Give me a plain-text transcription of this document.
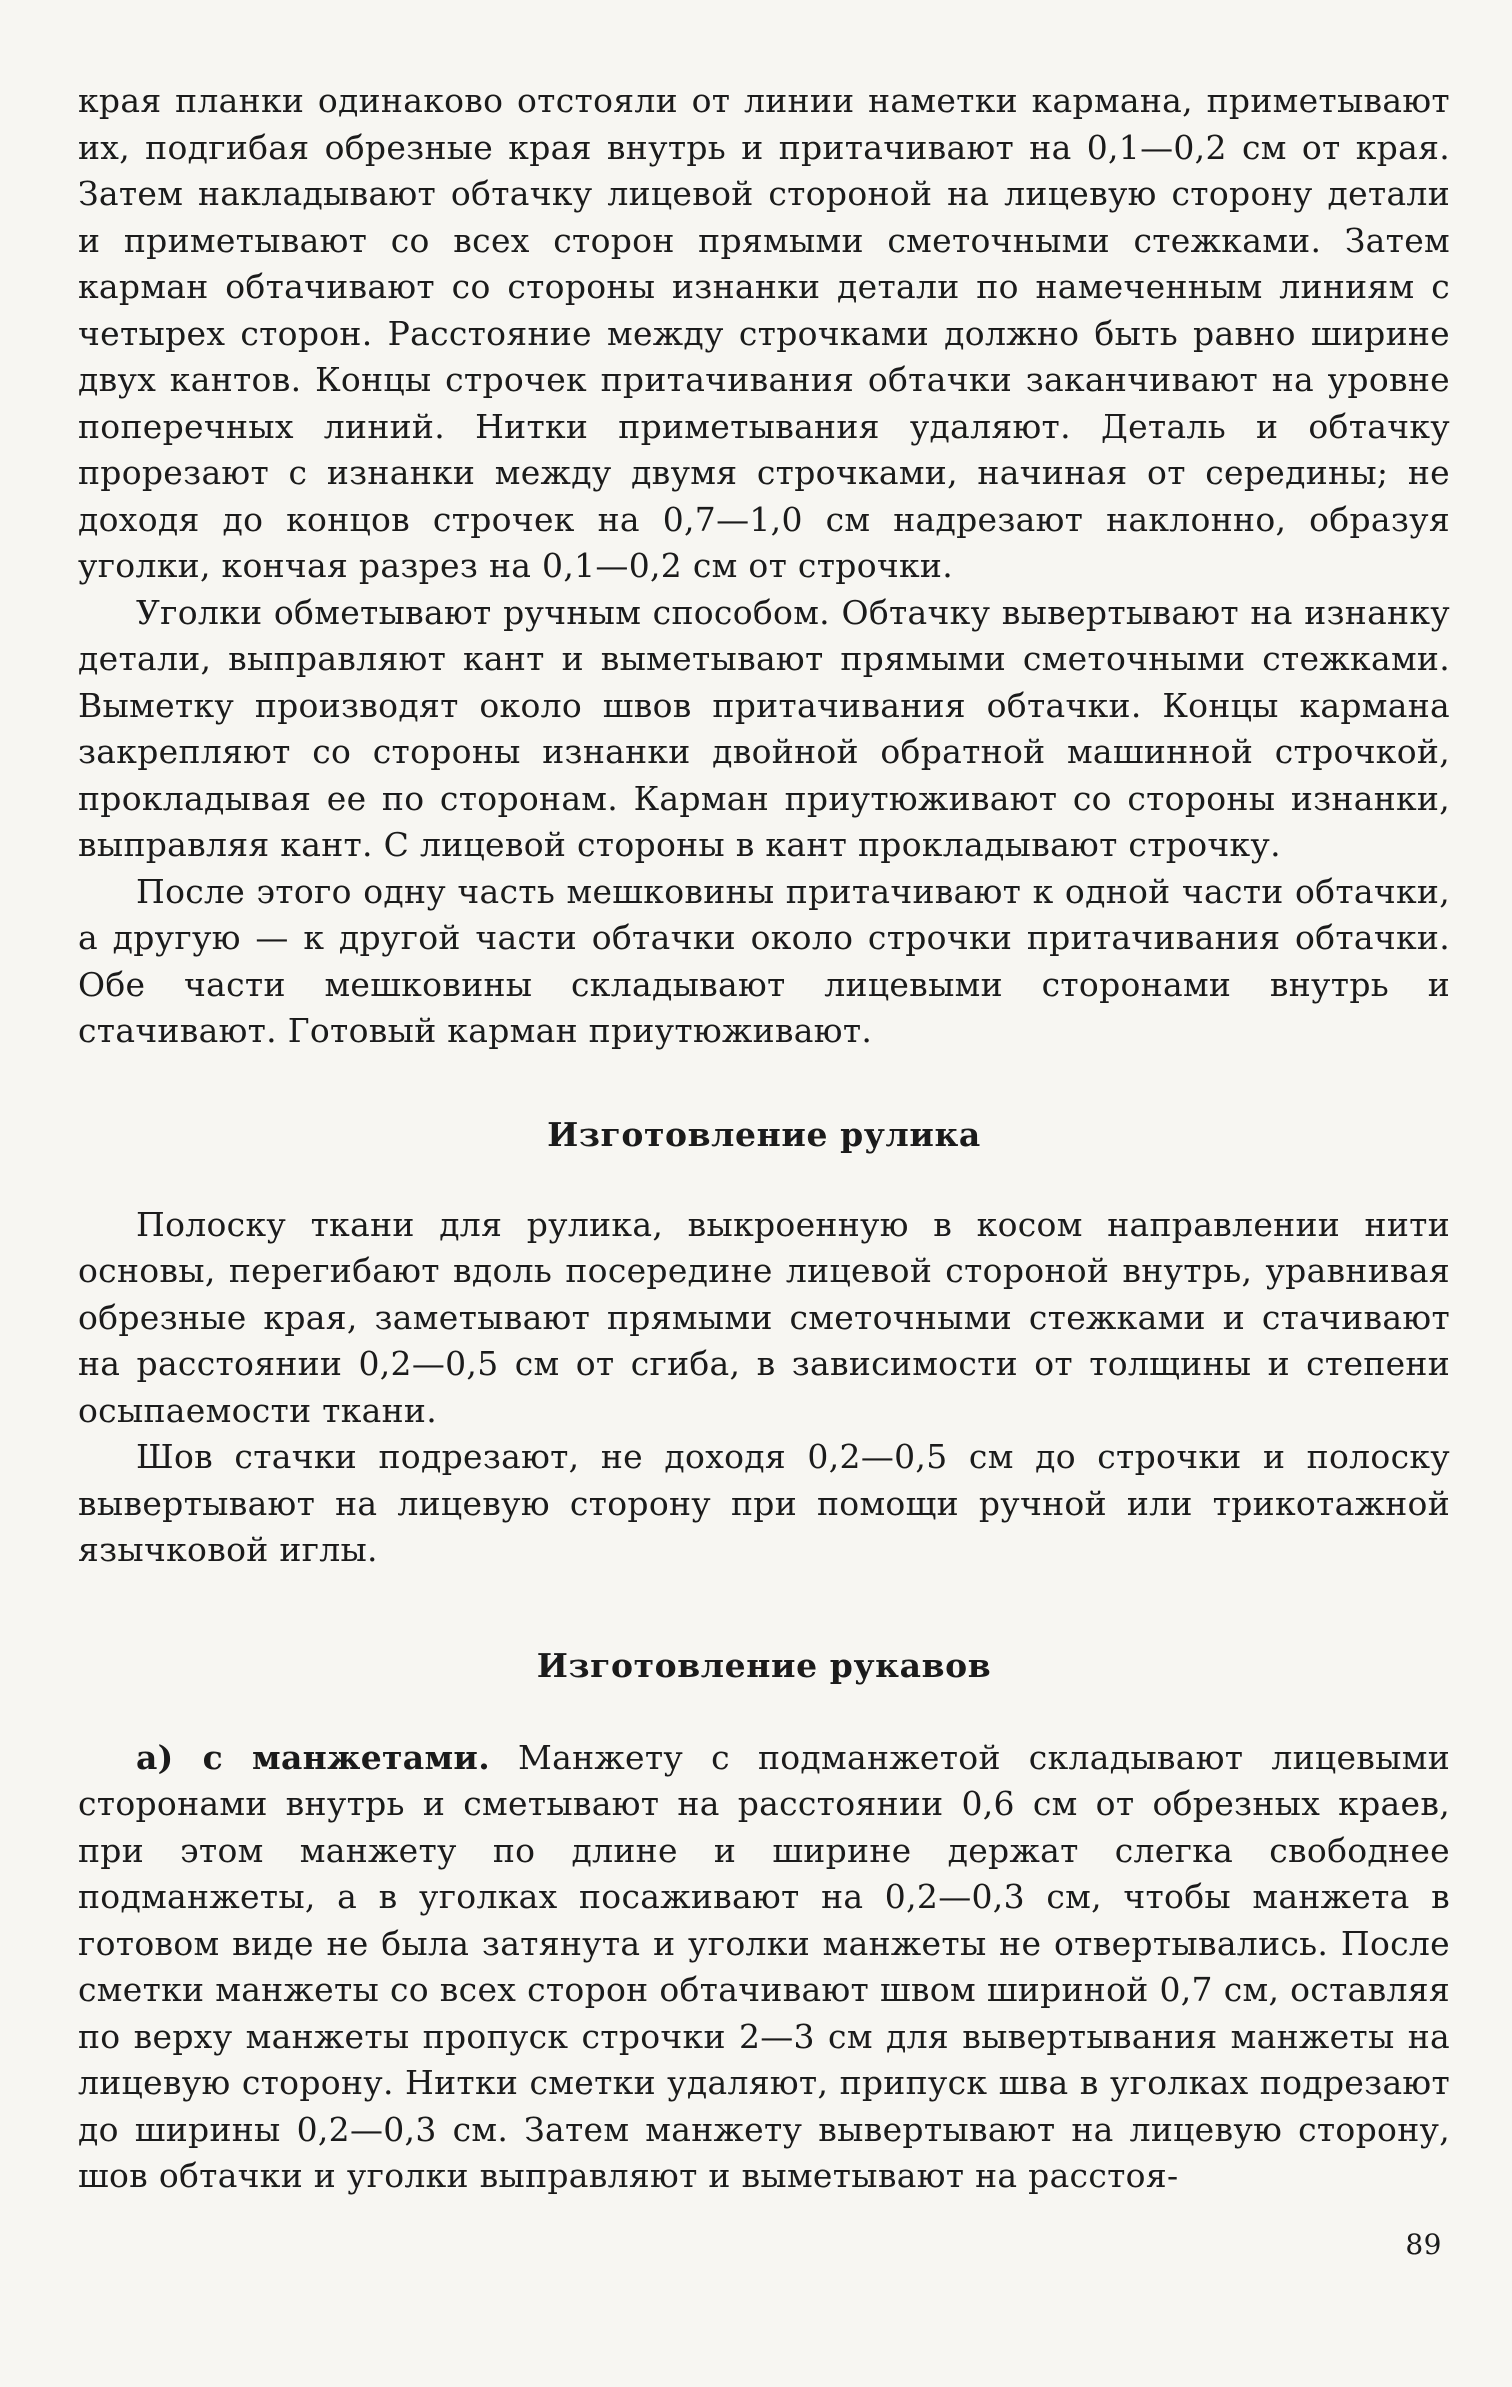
края планки одинаково отстояли от линии наметки кармана, приметывают их, подгибая обрезные края внутрь и притачивают на 0,1—0,2 см от края. Затем накладывают обтачку лицевой стороной на лицевую сторону детали и приметывают со всех сторон прямыми сметочными стежками. Затем карман обтачивают со стороны изнанки детали по намеченным линиям с четырех сторон. Расстояние между строчками должно быть равно ширине двух кантов. Концы строчек притачивания обтачки заканчивают на уровне поперечных линий. Нитки приметывания удаляют. Деталь и обтачку прорезают с изнанки между двумя строчками, начиная от середины; не доходя до концов строчек на 0,7—1,0 см надрезают наклонно, образуя уголки, кончая разрез на 0,1—0,2 см от строчки.

Уголки обметывают ручным способом. Обтачку вывертывают на изнанку детали, выправляют кант и выметывают прямыми сметочными стежками. Выметку производят около швов притачивания обтачки. Концы кармана закрепляют со стороны изнанки двойной обратной машинной строчкой, прокладывая ее по сторонам. Карман приутюживают со стороны изнанки, выправляя кант. С лицевой стороны в кант прокладывают строчку.

После этого одну часть мешковины притачивают к одной части обтачки, а другую — к другой части обтачки около строчки притачивания обтачки. Обе части мешковины складывают лицевыми сторонами внутрь и стачивают. Готовый карман приутюживают.

Изготовление рулика

Полоску ткани для рулика, выкроенную в косом направлении нити основы, перегибают вдоль посередине лицевой стороной внутрь, уравнивая обрезные края, заметывают прямыми сметочными стежками и стачивают на расстоянии 0,2—0,5 см от сгиба, в зависимости от толщины и степени осыпаемости ткани.

Шов стачки подрезают, не доходя 0,2—0,5 см до строчки и полоску вывертывают на лицевую сторону при помощи ручной или трикотажной язычковой иглы.

Изготовление рукавов

а) с манжетами. Манжету с подманжетой складывают лицевыми сторонами внутрь и сметывают на расстоянии 0,6 см от обрезных краев, при этом манжету по длине и ширине держат слегка свободнее подманжеты, а в уголках посаживают на 0,2—0,3 см, чтобы манжета в готовом виде не была затянута и уголки манжеты не отвертывались. После сметки манжеты со всех сторон обтачивают швом шириной 0,7 см, оставляя по верху манжеты пропуск строчки 2—3 см для вывертывания манжеты на лицевую сторону. Нитки сметки удаляют, припуск шва в уголках подрезают до ширины 0,2—0,3 см. Затем манжету вывертывают на лицевую сторону, шов обтачки и уголки выправляют и выметывают на расстоя-

89
